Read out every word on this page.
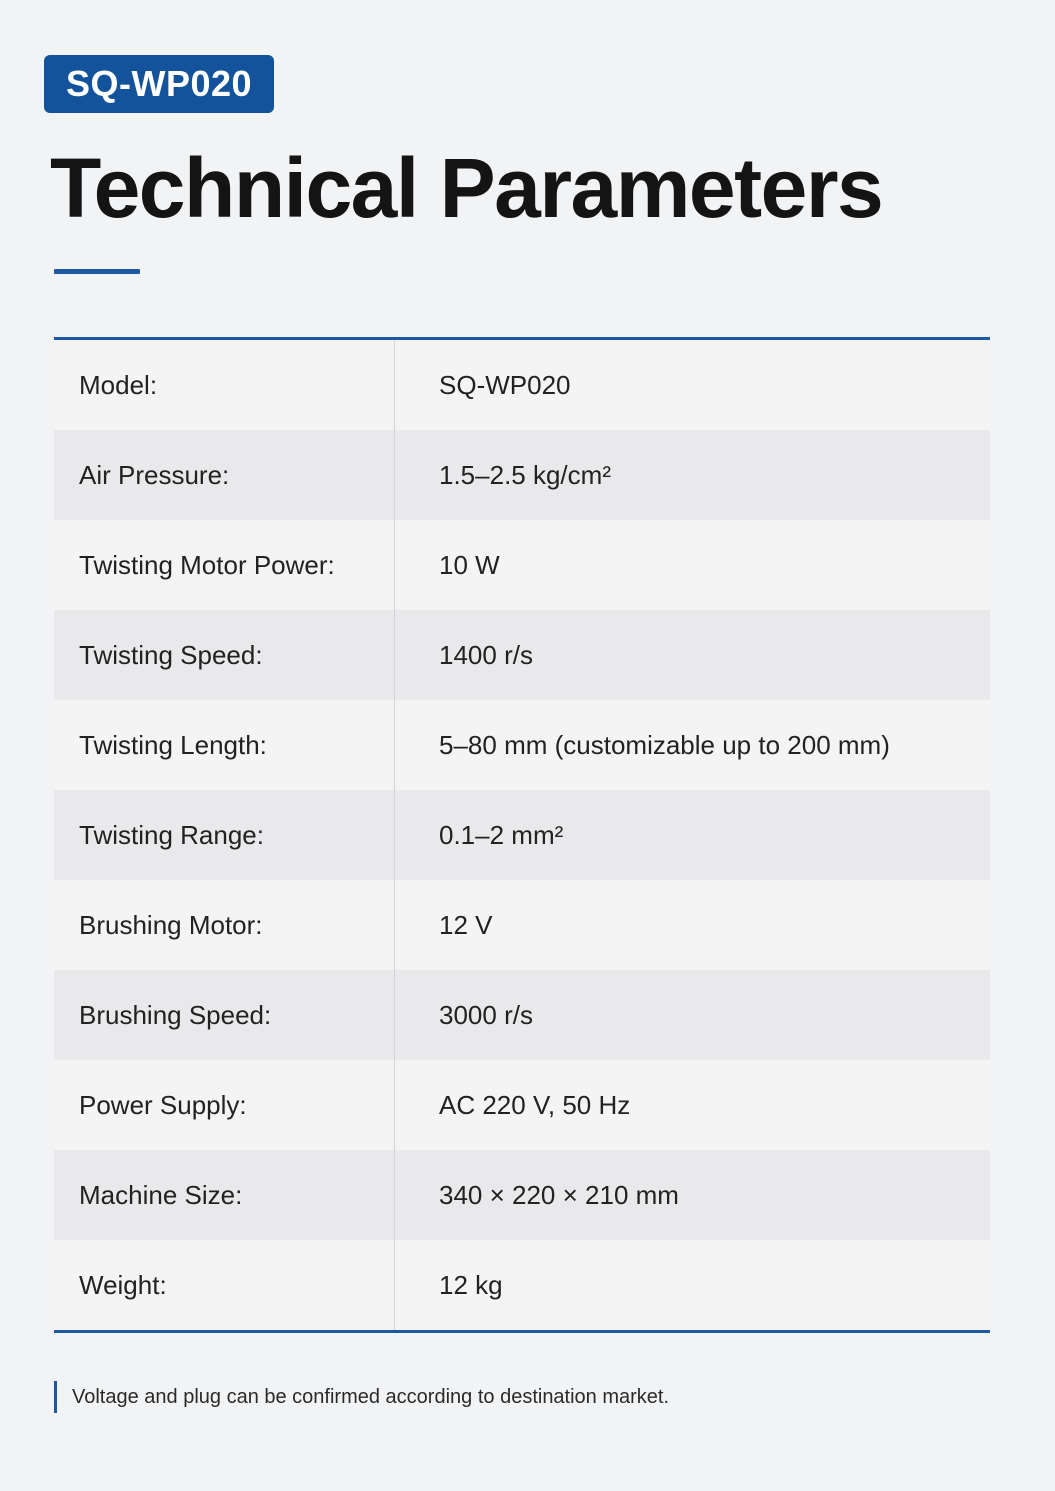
SQ-WP020
Technical Parameters
Model:	SQ-WP020
Air Pressure:	1.5–2.5 kg/cm²
Twisting Motor Power:	10 W
Twisting Speed:	1400 r/s
Twisting Length:	5–80 mm (customizable up to 200 mm)
Twisting Range:	0.1–2 mm²
Brushing Motor:	12 V
Brushing Speed:	3000 r/s
Power Supply:	AC 220 V, 50 Hz
Machine Size:	340 × 220 × 210 mm
Weight:	12 kg
Voltage and plug can be confirmed according to destination market.
